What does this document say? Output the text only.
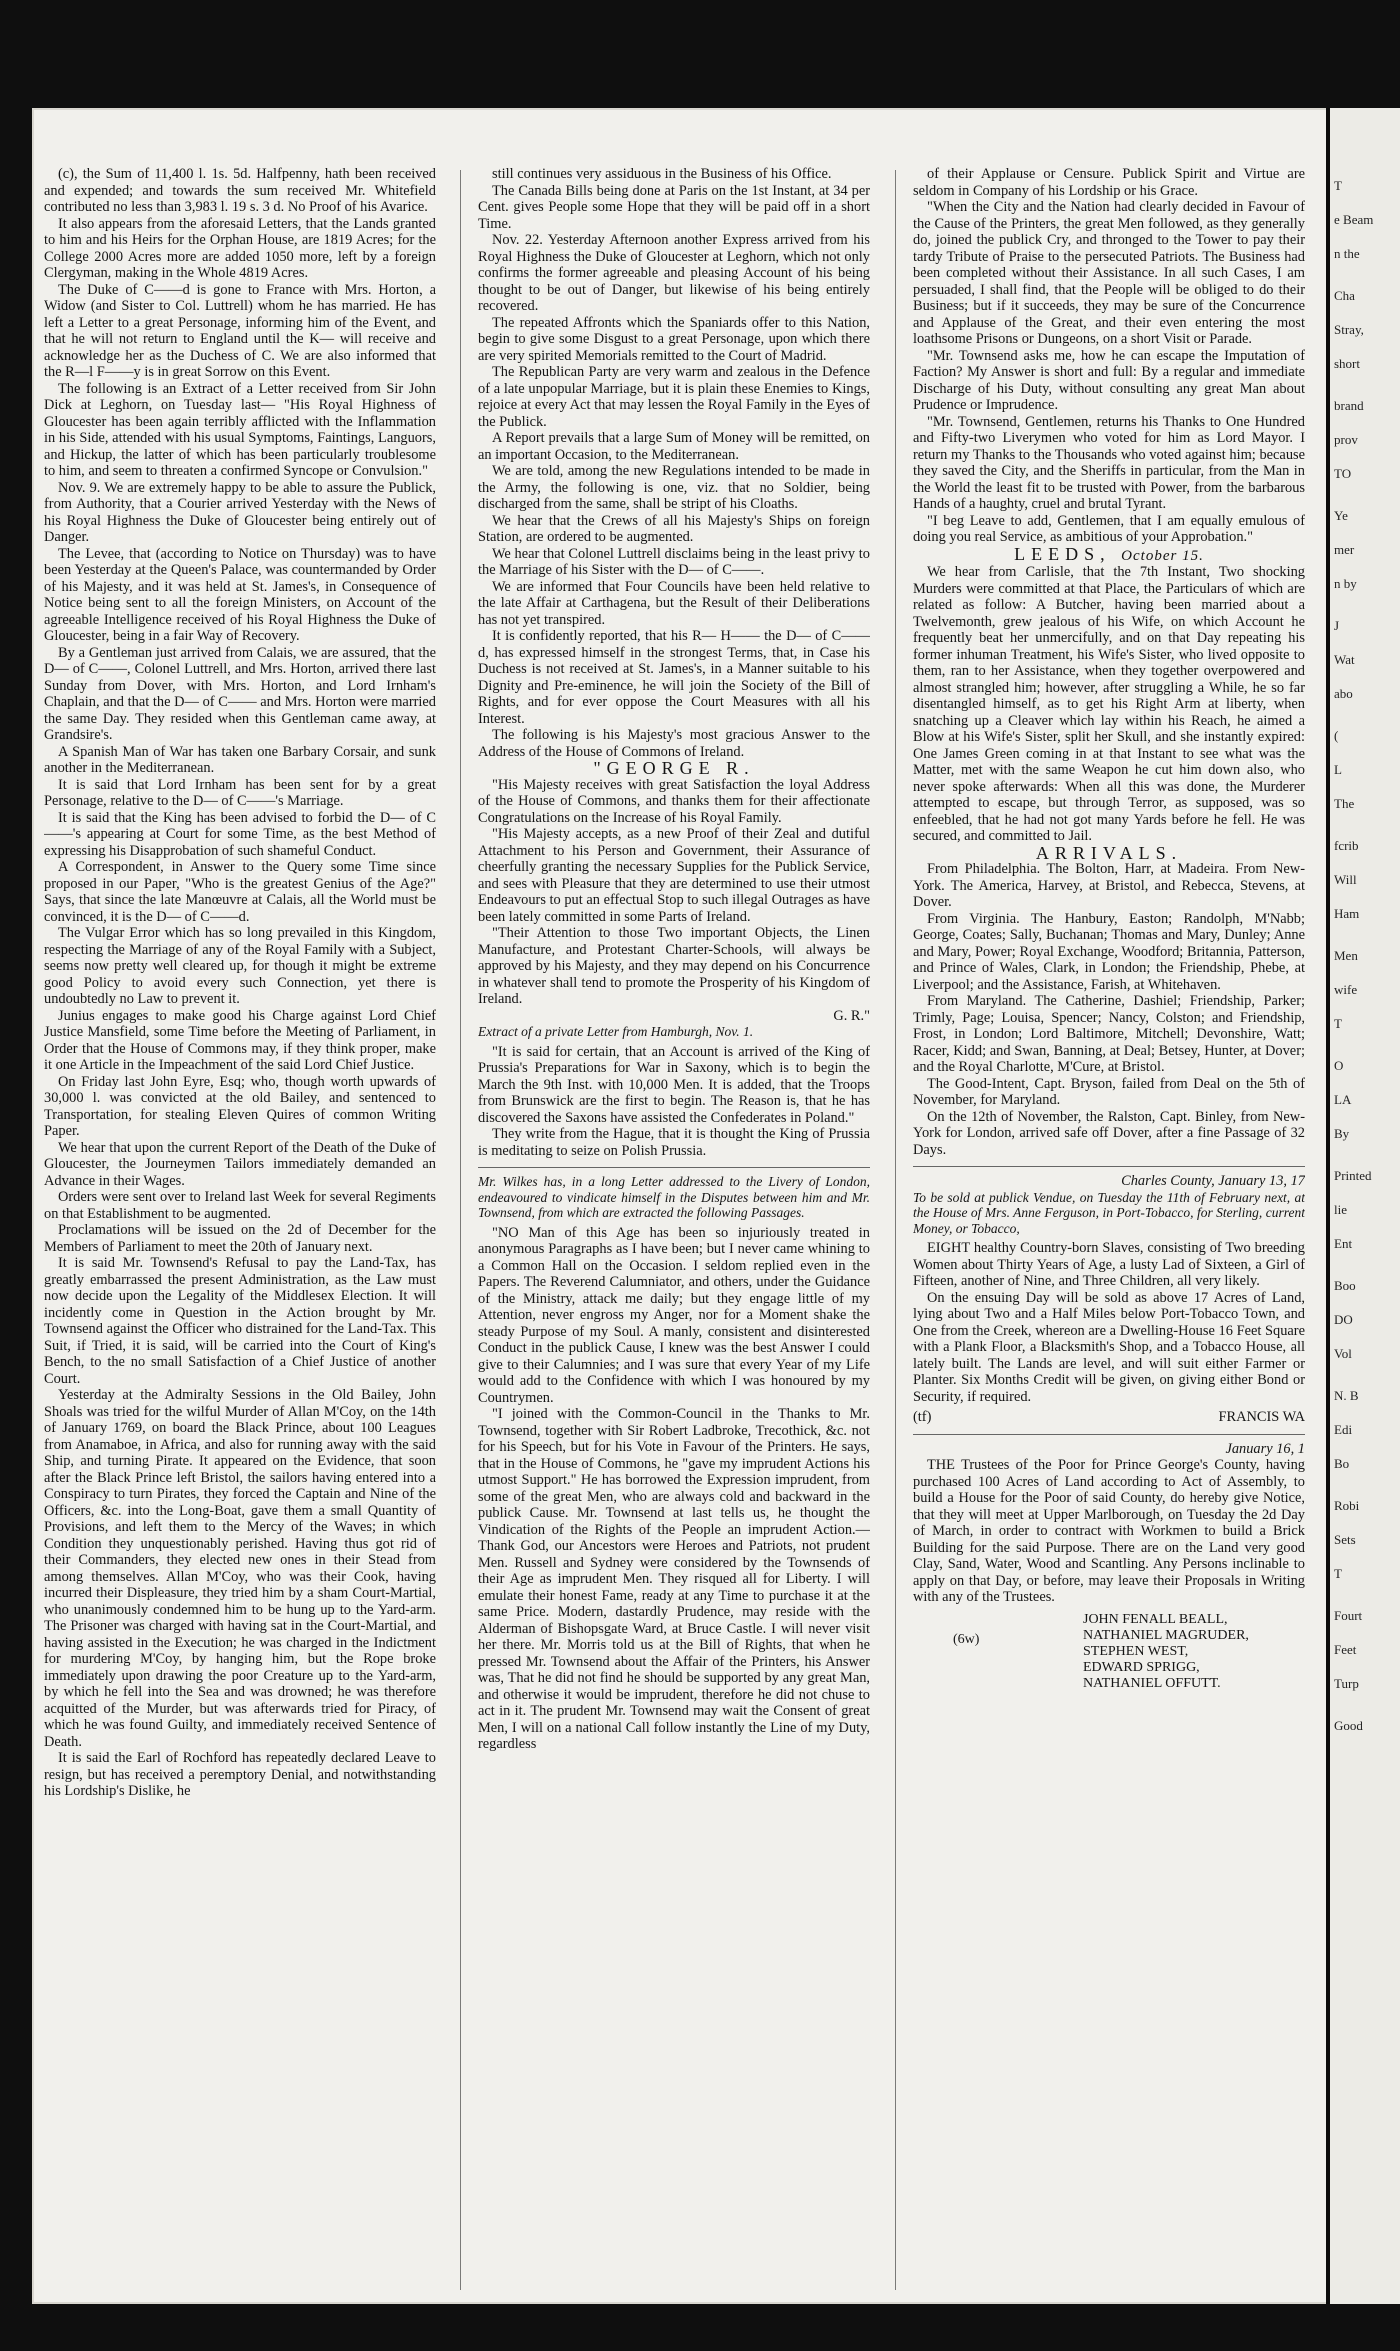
(c), the Sum of 11,400 l. 1s. 5d. Halfpenny, hath been received and expended; and towards the sum received Mr. Whitefield contributed no less than 3,983 l. 19 s. 3 d. No Proof of his Avarice.

It also appears from the aforesaid Letters, that the Lands granted to him and his Heirs for the Orphan House, are 1819 Acres; for the College 2000 Acres more are added 1050 more, left by a foreign Clergyman, making in the Whole 4819 Acres.

The Duke of C——d is gone to France with Mrs. Horton, a Widow (and Sister to Col. Luttrell) whom he has married. He has left a Letter to a great Personage, informing him of the Event, and that he will not return to England until the K— will receive and acknowledge her as the Duchess of C. We are also informed that the R—l F——y is in great Sorrow on this Event.

The following is an Extract of a Letter received from Sir John Dick at Leghorn, on Tuesday last— "His Royal Highness of Gloucester has been again terribly afflicted with the Inflammation in his Side, attended with his usual Symptoms, Faintings, Languors, and Hickup, the latter of which has been particularly troublesome to him, and seem to threaten a confirmed Syncope or Convulsion."

Nov. 9. We are extremely happy to be able to assure the Publick, from Authority, that a Courier arrived Yesterday with the News of his Royal Highness the Duke of Gloucester being entirely out of Danger.

The Levee, that (according to Notice on Thursday) was to have been Yesterday at the Queen's Palace, was countermanded by Order of his Majesty, and it was held at St. James's, in Consequence of Notice being sent to all the foreign Ministers, on Account of the agreeable Intelligence received of his Royal Highness the Duke of Gloucester, being in a fair Way of Recovery.

By a Gentleman just arrived from Calais, we are assured, that the D— of C——, Colonel Luttrell, and Mrs. Horton, arrived there last Sunday from Dover, with Mrs. Horton, and Lord Irnham's Chaplain, and that the D— of C—— and Mrs. Horton were married the same Day. They resided when this Gentleman came away, at Grandsire's.

A Spanish Man of War has taken one Barbary Corsair, and sunk another in the Mediterranean.

It is said that Lord Irnham has been sent for by a great Personage, relative to the D— of C——'s Marriage.

It is said that the King has been advised to forbid the D— of C——'s appearing at Court for some Time, as the best Method of expressing his Disapprobation of such shameful Conduct.

A Correspondent, in Answer to the Query some Time since proposed in our Paper, "Who is the greatest Genius of the Age?" Says, that since the late Manœuvre at Calais, all the World must be convinced, it is the D— of C——d.

The Vulgar Error which has so long prevailed in this Kingdom, respecting the Marriage of any of the Royal Family with a Subject, seems now pretty well cleared up, for though it might be extreme good Policy to avoid every such Connection, yet there is undoubtedly no Law to prevent it.

Junius engages to make good his Charge against Lord Chief Justice Mansfield, some Time before the Meeting of Parliament, in Order that the House of Commons may, if they think proper, make it one Article in the Impeachment of the said Lord Chief Justice.

On Friday last John Eyre, Esq; who, though worth upwards of 30,000 l. was convicted at the old Bailey, and sentenced to Transportation, for stealing Eleven Quires of common Writing Paper.

We hear that upon the current Report of the Death of the Duke of Gloucester, the Journeymen Tailors immediately demanded an Advance in their Wages.

Orders were sent over to Ireland last Week for several Regiments on that Establishment to be augmented.

Proclamations will be issued on the 2d of December for the Members of Parliament to meet the 20th of January next.

It is said Mr. Townsend's Refusal to pay the Land-Tax, has greatly embarrassed the present Administration, as the Law must now decide upon the Legality of the Middlesex Election. It will incidently come in Question in the Action brought by Mr. Townsend against the Officer who distrained for the Land-Tax. This Suit, if Tried, it is said, will be carried into the Court of King's Bench, to the no small Satisfaction of a Chief Justice of another Court.

Yesterday at the Admiralty Sessions in the Old Bailey, John Shoals was tried for the wilful Murder of Allan M'Coy, on the 14th of January 1769, on board the Black Prince, about 100 Leagues from Anamaboe, in Africa, and also for running away with the said Ship, and turning Pirate. It appeared on the Evidence, that soon after the Black Prince left Bristol, the sailors having entered into a Conspiracy to turn Pirates, they forced the Captain and Nine of the Officers, &c. into the Long-Boat, gave them a small Quantity of Provisions, and left them to the Mercy of the Waves; in which Condition they unquestionably perished. Having thus got rid of their Commanders, they elected new ones in their Stead from among themselves. Allan M'Coy, who was their Cook, having incurred their Displeasure, they tried him by a sham Court-Martial, who unanimously condemned him to be hung up to the Yard-arm. The Prisoner was charged with having sat in the Court-Martial, and having assisted in the Execution; he was charged in the Indictment for murdering M'Coy, by hanging him, but the Rope broke immediately upon drawing the poor Creature up to the Yard-arm, by which he fell into the Sea and was drowned; he was therefore acquitted of the Murder, but was afterwards tried for Piracy, of which he was found Guilty, and immediately received Sentence of Death.

It is said the Earl of Rochford has repeatedly declared Leave to resign, but has received a peremptory Denial, and notwithstanding his Lordship's Dislike, he

still continues very assiduous in the Business of his Office.

The Canada Bills being done at Paris on the 1st Instant, at 34 per Cent. gives People some Hope that they will be paid off in a short Time.

Nov. 22. Yesterday Afternoon another Express arrived from his Royal Highness the Duke of Gloucester at Leghorn, which not only confirms the former agreeable and pleasing Account of his being thought to be out of Danger, but likewise of his being entirely recovered.

The repeated Affronts which the Spaniards offer to this Nation, begin to give some Disgust to a great Personage, upon which there are very spirited Memorials remitted to the Court of Madrid.

The Republican Party are very warm and zealous in the Defence of a late unpopular Marriage, but it is plain these Enemies to Kings, rejoice at every Act that may lessen the Royal Family in the Eyes of the Publick.

A Report prevails that a large Sum of Money will be remitted, on an important Occasion, to the Mediterranean.

We are told, among the new Regulations intended to be made in the Army, the following is one, viz. that no Soldier, being discharged from the same, shall be stript of his Cloaths.

We hear that the Crews of all his Majesty's Ships on foreign Station, are ordered to be augmented.

We hear that Colonel Luttrell disclaims being in the least privy to the Marriage of his Sister with the D— of C——.

We are informed that Four Councils have been held relative to the late Affair at Carthagena, but the Result of their Deliberations has not yet transpired.

It is confidently reported, that his R— H—— the D— of C——d, has expressed himself in the strongest Terms, that, in Case his Duchess is not received at St. James's, in a Manner suitable to his Dignity and Pre-eminence, he will join the Society of the Bill of Rights, and for ever oppose the Court Measures with all his Interest.

The following is his Majesty's most gracious Answer to the Address of the House of Commons of Ireland.

"GEORGE R.

"His Majesty receives with great Satisfaction the loyal Address of the House of Commons, and thanks them for their affectionate Congratulations on the Increase of his Royal Family.

"His Majesty accepts, as a new Proof of their Zeal and dutiful Attachment to his Person and Government, their Assurance of cheerfully granting the necessary Supplies for the Publick Service, and sees with Pleasure that they are determined to use their utmost Endeavours to put an effectual Stop to such illegal Outrages as have been lately committed in some Parts of Ireland.

"Their Attention to those Two important Objects, the Linen Manufacture, and Protestant Charter-Schools, will always be approved by his Majesty, and they may depend on his Concurrence in whatever shall tend to promote the Prosperity of his Kingdom of Ireland.

G. R."

Extract of a private Letter from Hamburgh, Nov. 1.

"It is said for certain, that an Account is arrived of the King of Prussia's Preparations for War in Saxony, which is to begin the March the 9th Inst. with 10,000 Men. It is added, that the Troops from Brunswick are the first to begin. The Reason is, that he has discovered the Saxons have assisted the Confederates in Poland."

They write from the Hague, that it is thought the King of Prussia is meditating to seize on Polish Prussia.

Mr. Wilkes has, in a long Letter addressed to the Livery of London, endeavoured to vindicate himself in the Disputes between him and Mr. Townsend, from which are extracted the following Passages.

"NO Man of this Age has been so injuriously treated in anonymous Paragraphs as I have been; but I never came whining to a Common Hall on the Occasion. I seldom replied even in the Papers. The Reverend Calumniator, and others, under the Guidance of the Ministry, attack me daily; but they engage little of my Attention, never engross my Anger, nor for a Moment shake the steady Purpose of my Soul. A manly, consistent and disinterested Conduct in the publick Cause, I knew was the best Answer I could give to their Calumnies; and I was sure that every Year of my Life would add to the Confidence with which I was honoured by my Countrymen.

"I joined with the Common-Council in the Thanks to Mr. Townsend, together with Sir Robert Ladbroke, Trecothick, &c. not for his Speech, but for his Vote in Favour of the Printers. He says, that in the House of Commons, he "gave my imprudent Actions his utmost Support." He has borrowed the Expression imprudent, from some of the great Men, who are always cold and backward in the publick Cause. Mr. Townsend at last tells us, he thought the Vindication of the Rights of the People an imprudent Action.—Thank God, our Ancestors were Heroes and Patriots, not prudent Men. Russell and Sydney were considered by the Townsends of their Age as imprudent Men. They risqued all for Liberty. I will emulate their honest Fame, ready at any Time to purchase it at the same Price. Modern, dastardly Prudence, may reside with the Alderman of Bishopsgate Ward, at Bruce Castle. I will never visit her there. Mr. Morris told us at the Bill of Rights, that when he pressed Mr. Townsend about the Affair of the Printers, his Answer was, That he did not find he should be supported by any great Man, and otherwise it would be imprudent, therefore he did not chuse to act in it. The prudent Mr. Townsend may wait the Consent of great Men, I will on a national Call follow instantly the Line of my Duty, regardless

of their Applause or Censure. Publick Spirit and Virtue are seldom in Company of his Lordship or his Grace.

"When the City and the Nation had clearly decided in Favour of the Cause of the Printers, the great Men followed, as they generally do, joined the publick Cry, and thronged to the Tower to pay their tardy Tribute of Praise to the persecuted Patriots. The Business had been completed without their Assistance. In all such Cases, I am persuaded, I shall find, that the People will be obliged to do their Business; but if it succeeds, they may be sure of the Concurrence and Applause of the Great, and their even entering the most loathsome Prisons or Dungeons, on a short Visit or Parade.

"Mr. Townsend asks me, how he can escape the Imputation of Faction? My Answer is short and full: By a regular and immediate Discharge of his Duty, without consulting any great Man about Prudence or Imprudence.

"Mr. Townsend, Gentlemen, returns his Thanks to One Hundred and Fifty-two Liverymen who voted for him as Lord Mayor. I return my Thanks to the Thousands who voted against him; because they saved the City, and the Sheriffs in particular, from the Man in the World the least fit to be trusted with Power, from the barbarous Hands of a haughty, cruel and brutal Tyrant.

"I beg Leave to add, Gentlemen, that I am equally emulous of doing you real Service, as ambitious of your Approbation."

LEEDS, October 15.

We hear from Carlisle, that the 7th Instant, Two shocking Murders were committed at that Place, the Particulars of which are related as follow: A Butcher, having been married about a Twelvemonth, grew jealous of his Wife, on which Account he frequently beat her unmercifully, and on that Day repeating his former inhuman Treatment, his Wife's Sister, who lived opposite to them, ran to her Assistance, when they together overpowered and almost strangled him; however, after struggling a While, he so far disentangled himself, as to get his Right Arm at liberty, when snatching up a Cleaver which lay within his Reach, he aimed a Blow at his Wife's Sister, split her Skull, and she instantly expired: One James Green coming in at that Instant to see what was the Matter, met with the same Weapon he cut him down also, who never spoke afterwards: When all this was done, the Murderer attempted to escape, but through Terror, as supposed, was so enfeebled, that he had not got many Yards before he fell. He was secured, and committed to Jail.

ARRIVALS.

From Philadelphia. The Bolton, Harr, at Madeira. From New-York. The America, Harvey, at Bristol, and Rebecca, Stevens, at Dover.

From Virginia. The Hanbury, Easton; Randolph, M'Nabb; George, Coates; Sally, Buchanan; Thomas and Mary, Dunley; Anne and Mary, Power; Royal Exchange, Woodford; Britannia, Patterson, and Prince of Wales, Clark, in London; the Friendship, Phebe, at Liverpool; and the Assistance, Farish, at Whitehaven.

From Maryland. The Catherine, Dashiel; Friendship, Parker; Trimly, Page; Louisa, Spencer; Nancy, Colston; and Friendship, Frost, in London; Lord Baltimore, Mitchell; Devonshire, Watt; Racer, Kidd; and Swan, Banning, at Deal; Betsey, Hunter, at Dover; and the Royal Charlotte, M'Cure, at Bristol.

The Good-Intent, Capt. Bryson, failed from Deal on the 5th of November, for Maryland.

On the 12th of November, the Ralston, Capt. Binley, from New-York for London, arrived safe off Dover, after a fine Passage of 32 Days.

Charles County, January 13, 17

To be sold at publick Vendue, on Tuesday the 11th of February next, at the House of Mrs. Anne Ferguson, in Port-Tobacco, for Sterling, current Money, or Tobacco,

EIGHT healthy Country-born Slaves, consisting of Two breeding Women about Thirty Years of Age, a lusty Lad of Sixteen, a Girl of Fifteen, another of Nine, and Three Children, all very likely.

On the ensuing Day will be sold as above 17 Acres of Land, lying about Two and a Half Miles below Port-Tobacco Town, and One from the Creek, whereon are a Dwelling-House 16 Feet Square with a Plank Floor, a Blacksmith's Shop, and a Tobacco House, all lately built. The Lands are level, and will suit either Farmer or Planter. Six Months Credit will be given, on giving either Bond or Security, if required.

(tf)	FRANCIS WA

January 16, 1

THE Trustees of the Poor for Prince George's County, having purchased 100 Acres of Land according to Act of Assembly, to build a House for the Poor of said County, do hereby give Notice, that they will meet at Upper Marlborough, on Tuesday the 2d Day of March, in order to contract with Workmen to build a Brick Building for the said Purpose. There are on the Land very good Clay, Sand, Water, Wood and Scantling. Any Persons inclinable to apply on that Day, or before, may leave their Proposals in Writing with any of the Trustees.

(6w)
JOHN FENALL BEALL,
NATHANIEL MAGRUDER,
STEPHEN WEST,
EDWARD SPRIGG,
NATHANIEL OFFUTT.
T
e Beam
n the
Cha
Stray,
short
brand
prov
TO
Ye
mer
n by
J
Wat
abo
(
L
The
fcrib
Will
Ham
Men
wife
T
O
LA
By
Printed
lie
Ent
Boo
DO
Vol
N. B
Edi
Bo
Robi
Sets
T
Fourt
Feet
Turp
Good
